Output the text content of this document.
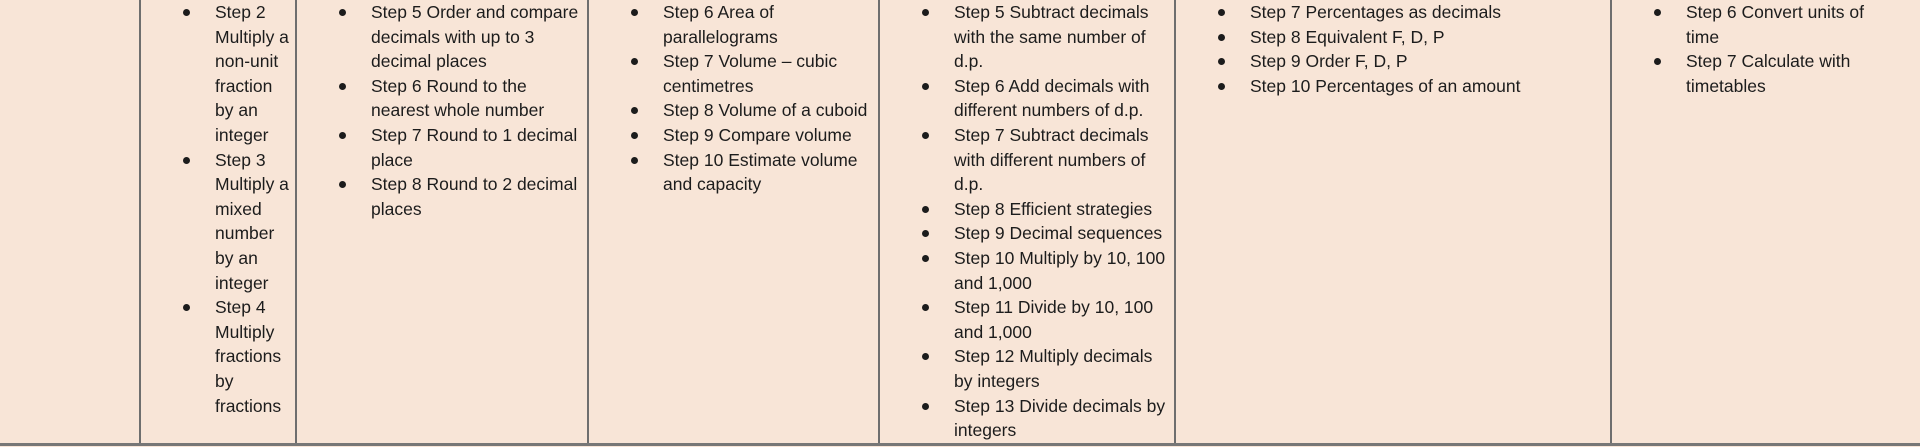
Step 2 Multiply a non-unit fraction by an integer
Step 3 Multiply a mixed number by an integer
Step 4 Multiply fractions by fractions
Step 5 Order and compare decimals with up to 3 decimal places
Step 6 Round to the nearest whole number
Step 7 Round to 1 decimal place
Step 8 Round to 2 decimal places
Step 6 Area of parallelograms
Step 7 Volume – cubic centimetres
Step 8 Volume of a cuboid
Step 9 Compare volume
Step 10 Estimate volume and capacity
Step 5 Subtract decimals with the same number of d.p.
Step 6 Add decimals with different numbers of d.p.
Step 7 Subtract decimals with different numbers of d.p.
Step 8 Efficient strategies
Step 9 Decimal sequences
Step 10 Multiply by 10, 100 and 1,000
Step 11 Divide by 10, 100 and 1,000
Step 12 Multiply decimals by integers
Step 13 Divide decimals by integers
Step 7 Percentages as decimals
Step 8 Equivalent F, D, P
Step 9 Order F, D, P
Step 10 Percentages of an amount
Step 6 Convert units of time
Step 7 Calculate with timetables
